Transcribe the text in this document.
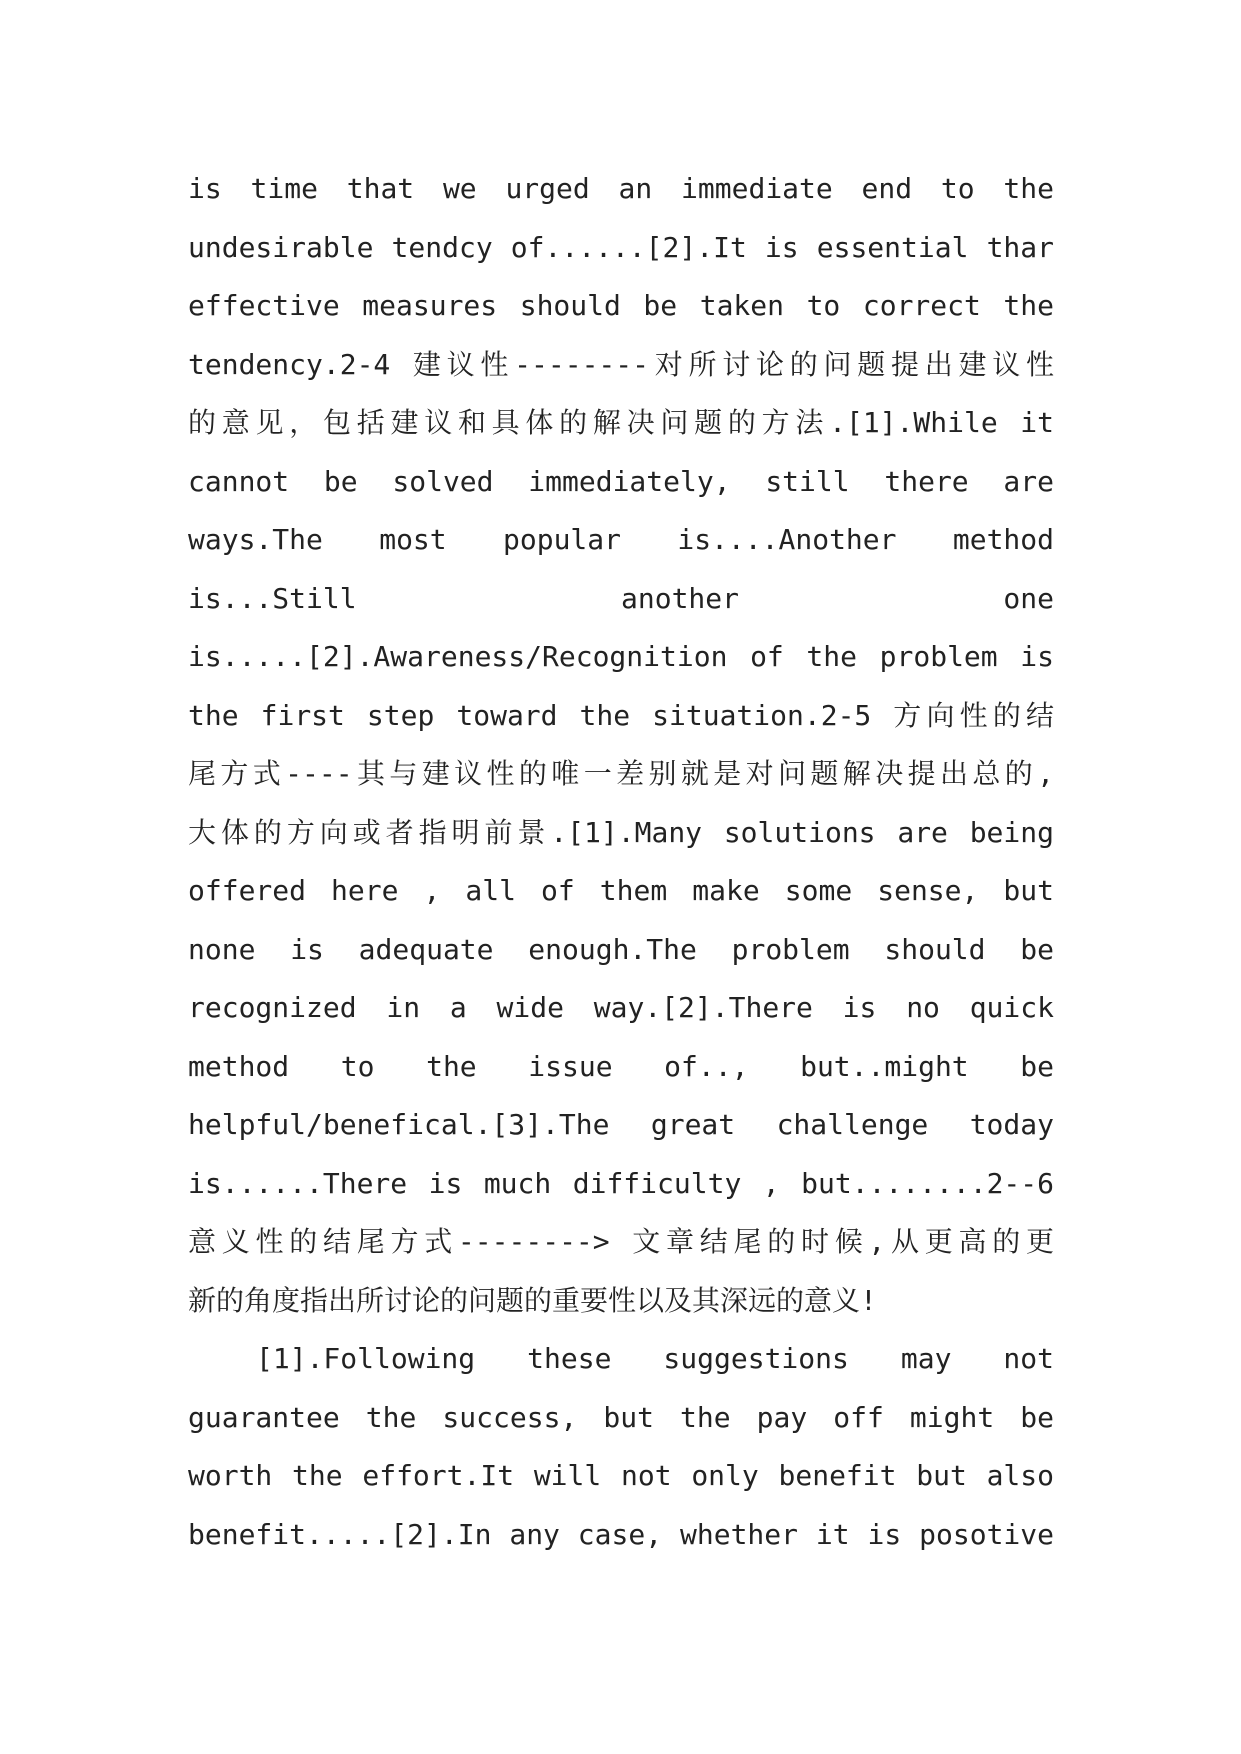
is time that we urged an immediate end to the
undesirable tendcy of......[2].It is essential thar
effective measures should be taken to correct the
tendency.2-4 建议性--------对所讨论的问题提出建议性
的意见，包括建议和具体的解决问题的方法.[1].While it
cannot be solved immediately, still there are
ways.The most popular is....Another method
is...Still another one
is.....[2].Awareness/Recognition of the problem is
the first step toward the situation.2-5 方向性的结
尾方式----其与建议性的唯一差别就是对问题解决提出总的,
大体的方向或者指明前景.[1].Many solutions are being
offered here , all of them make some sense, but
none is adequate enough.The problem should be
recognized in a wide way.[2].There is no quick
method to the issue of.., but..might be
helpful/benefical.[3].The great challenge today
is......There is much difficulty , but........2--6
意义性的结尾方式--------> 文章结尾的时候,从更高的更
新的角度指出所讨论的问题的重要性以及其深远的意义!
[1].Following these suggestions may not
guarantee the success, but the pay off might be
worth the effort.It will not only benefit but also
benefit.....[2].In any case, whether it is posotive
